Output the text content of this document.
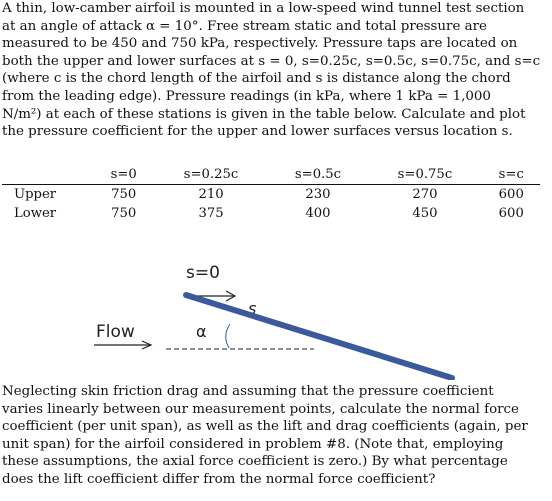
A thin, low-camber airfoil is mounted in a low-speed wind tunnel test section
at an angle of attack α = 10°. Free stream static and total pressure are
measured to be 450 and 750 kPa, respectively. Pressure taps are located on
both the upper and lower surfaces at s = 0, s=0.25c, s=0.5c, s=0.75c, and s=c
(where c is the chord length of the airfoil and s is distance along the chord
from the leading edge). Pressure readings (in kPa, where 1 kPa = 1,000
N/m²) at each of these stations is given in the table below. Calculate and plot
the pressure coefficient for the upper and lower surfaces versus location s.
	s=0	s=0.25c	s=0.5c	s=0.75c	s=c
Upper	750	210	230	270	600
Lower	750	375	400	450	600
s=0
s
α
Flow
Neglecting skin friction drag and assuming that the pressure coefficient
varies linearly between our measurement points, calculate the normal force
coefficient (per unit span), as well as the lift and drag coefficients (again, per
unit span) for the airfoil considered in problem #8. (Note that, employing
these assumptions, the axial force coefficient is zero.) By what percentage
does the lift coefficient differ from the normal force coefficient?
